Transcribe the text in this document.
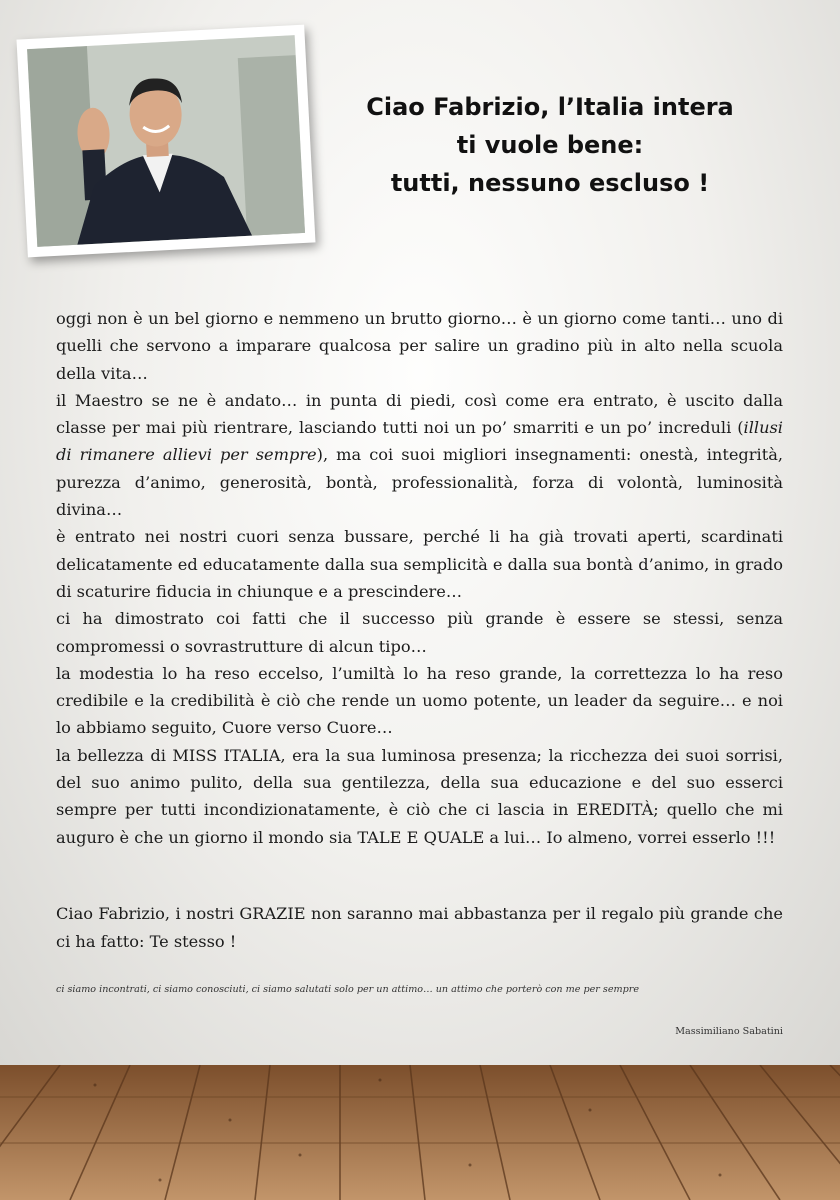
Ciao Fabrizio, l’Italia intera
ti vuole bene:
tutti, nessuno escluso !

oggi non è un bel giorno e nemmeno un brutto giorno… è un giorno come tanti… uno di quelli che servono a imparare qualcosa per salire un gradino più in alto nella scuola della vita…

il Maestro se ne è andato… in punta di piedi, così come era entrato, è uscito dalla classe per mai più rientrare, lasciando tutti noi un po’ smarriti e un po’ increduli (illusi di rimanere allievi per sempre), ma coi suoi migliori insegnamenti: onestà, integrità, purezza d’animo, generosità, bontà, professionalità, forza di volontà, luminosità divina…

è entrato nei nostri cuori senza bussare, perché li ha già trovati aperti, scardinati delicatamente ed educatamente dalla sua semplicità e dalla sua bontà d’animo, in grado di scaturire fiducia in chiunque e a prescindere…

ci ha dimostrato coi fatti che il successo più grande è essere se stessi, senza compromessi o sovrastrutture di alcun tipo…

la modestia lo ha reso eccelso, l’umiltà lo ha reso grande, la correttezza lo ha reso credibile e la credibilità è ciò che rende un uomo potente, un leader da seguire… e noi lo abbiamo seguito, Cuore verso Cuore…

la bellezza di MISS ITALIA, era la sua luminosa presenza; la ricchezza dei suoi sorrisi, del suo animo pulito, della sua gentilezza, della sua educazione e del suo esserci sempre per tutti incondizionatamente, è ciò che ci lascia in EREDITÀ; quello che mi auguro è che un giorno il mondo sia TALE E QUALE a lui… Io almeno, vorrei esserlo !!!

Ciao Fabrizio, i nostri GRAZIE non saranno mai abbastanza per il regalo più grande che ci ha fatto: Te stesso !
ci siamo incontrati, ci siamo conosciuti, ci siamo salutati solo per un attimo… un attimo che porterò con me per sempre
Massimiliano Sabatini
